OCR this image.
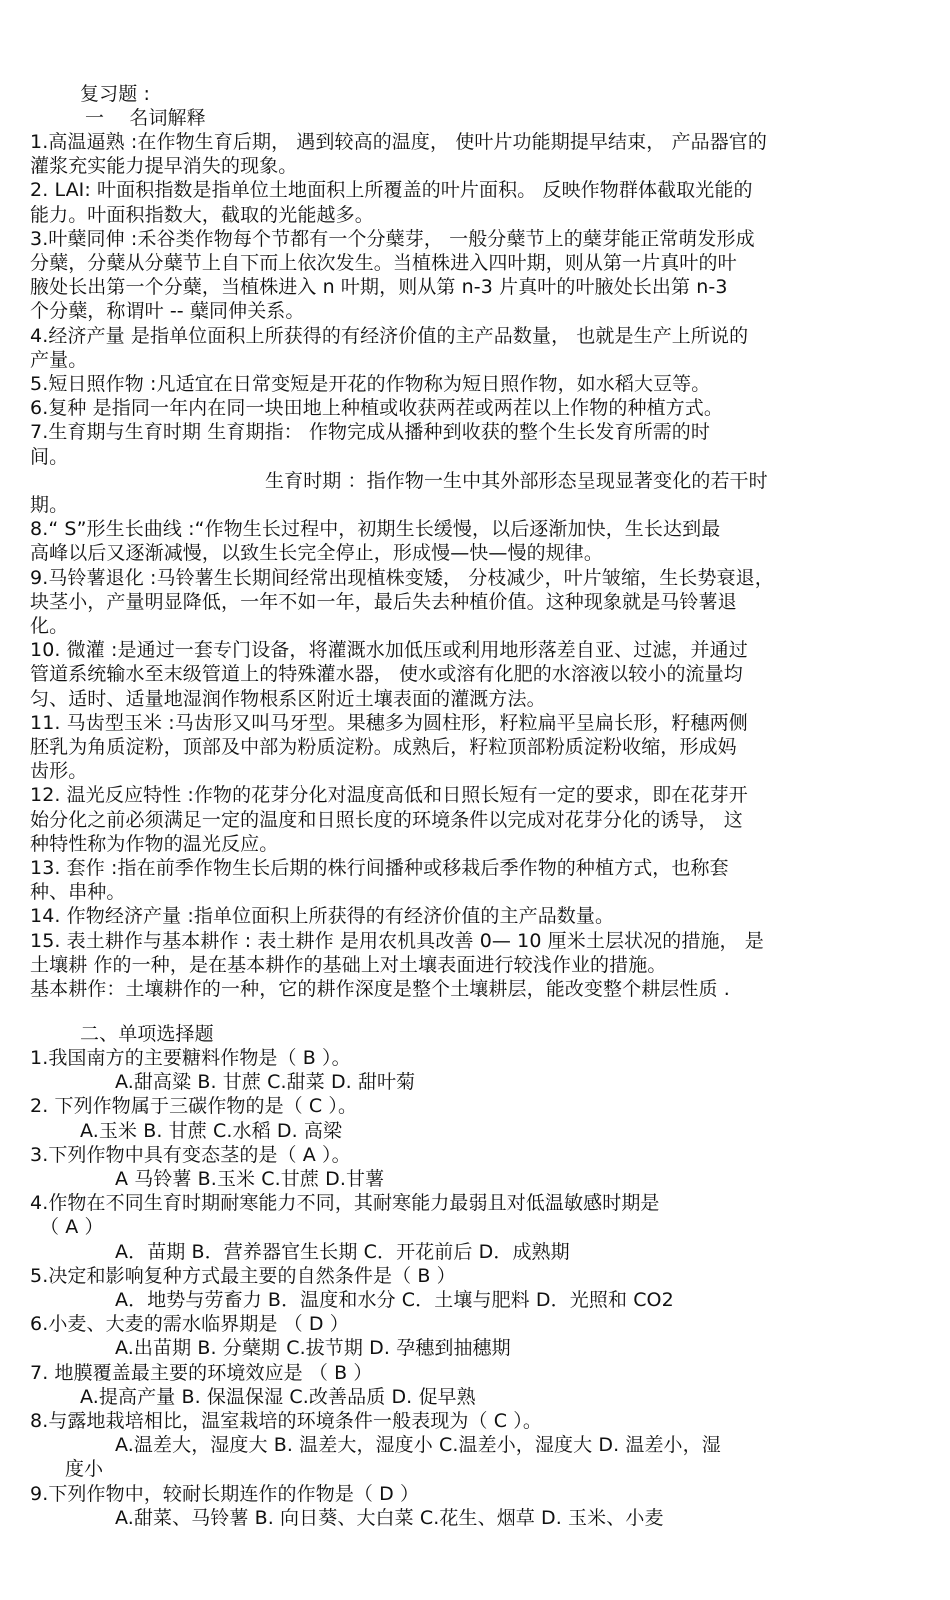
复习题 :

一　 名词解释

1.高温逼熟 :在作物生育后期， 遇到较高的温度， 使叶片功能期提早结束， 产品器官的

灌浆充实能力提早消失的现象。

2. LAI: 叶面积指数是指单位土地面积上所覆盖的叶片面积。 反映作物群体截取光能的

能力。叶面积指数大，截取的光能越多。

3.叶蘖同伸 :禾谷类作物每个节都有一个分蘖芽， 一般分蘖节上的蘖芽能正常萌发形成

分蘖，分蘖从分蘖节上自下而上依次发生。当植株进入四叶期，则从第一片真叶的叶

腋处长出第一个分蘖，当植株进入 n 叶期，则从第 n-3 片真叶的叶腋处长出第 n-3

个分蘖，称谓叶 -- 蘖同伸关系。

4.经济产量 是指单位面积上所获得的有经济价值的主产品数量， 也就是生产上所说的

产量。

5.短日照作物 :凡适宜在日常变短是开花的作物称为短日照作物，如水稻大豆等。

6.复种 是指同一年内在同一块田地上种植或收获两茬或两茬以上作物的种植方式。

7.生育期与生育时期 生育期指： 作物完成从播种到收获的整个生长发育所需的时

间。

生育时期 ：指作物一生中其外部形态呈现显著变化的若干时

期。

8.“ S”形生长曲线 :“作物生长过程中，初期生长缓慢，以后逐渐加快，生长达到最

高峰以后又逐渐减慢，以致生长完全停止，形成慢—快—慢的规律。

9.马铃薯退化 :马铃薯生长期间经常出现植株变矮， 分枝减少，叶片皱缩，生长势衰退，

块茎小，产量明显降低，一年不如一年，最后失去种植价值。这种现象就是马铃薯退

化。

10. 微灌 :是通过一套专门设备，将灌溉水加低压或利用地形落差自亚、过滤，并通过

管道系统输水至末级管道上的特殊灌水器， 使水或溶有化肥的水溶液以较小的流量均

匀、适时、适量地湿润作物根系区附近土壤表面的灌溉方法。

11. 马齿型玉米 :马齿形又叫马牙型。果穗多为圆柱形，籽粒扁平呈扁长形，籽穗两侧

胚乳为角质淀粉，顶部及中部为粉质淀粉。成熟后，籽粒顶部粉质淀粉收缩，形成妈

齿形。

12. 温光反应特性 :作物的花芽分化对温度高低和日照长短有一定的要求，即在花芽开

始分化之前必须满足一定的温度和日照长度的环境条件以完成对花芽分化的诱导， 这

种特性称为作物的温光反应。

13. 套作 :指在前季作物生长后期的株行间播种或移栽后季作物的种植方式，也称套

种、串种。

14. 作物经济产量 :指单位面积上所获得的有经济价值的主产品数量。

15. 表土耕作与基本耕作 : 表土耕作 是用农机具改善 0— 10 厘米土层状况的措施， 是

土壤耕 作的一种，是在基本耕作的基础上对土壤表面进行较浅作业的措施。

基本耕作：土壤耕作的一种，它的耕作深度是整个土壤耕层，能改变整个耕层性质 .

二、单项选择题

1.我国南方的主要糖料作物是（ B ）。

A.甜高粱 B. 甘蔗 C.甜菜 D. 甜叶菊

2. 下列作物属于三碳作物的是（ C ）。

A.玉米 B. 甘蔗 C.水稻 D. 高梁

3.下列作物中具有变态茎的是（ A ）。

A 马铃薯 B.玉米 C.甘蔗 D.甘薯

4.作物在不同生育时期耐寒能力不同，其耐寒能力最弱且对低温敏感时期是

（ A ）

A．苗期 B．营养器官生长期 C．开花前后 D．成熟期

5.决定和影响复种方式最主要的自然条件是（ B ）

A．地势与劳畜力 B．温度和水分 C．土壤与肥料 D．光照和 CO2

6.小麦、大麦的需水临界期是 （ D ）

A.出苗期 B. 分蘖期 C.拔节期 D. 孕穗到抽穗期

7. 地膜覆盖最主要的环境效应是 （ B ）

A.提高产量 B. 保温保湿 C.改善品质 D. 促早熟

8.与露地栽培相比，温室栽培的环境条件一般表现为（ C ）。

A.温差大，湿度大 B. 温差大，湿度小 C.温差小，湿度大 D. 温差小，湿

度小

9.下列作物中，较耐长期连作的作物是（ D ）

A.甜菜、马铃薯 B. 向日葵、大白菜 C.花生、烟草 D. 玉米、小麦
